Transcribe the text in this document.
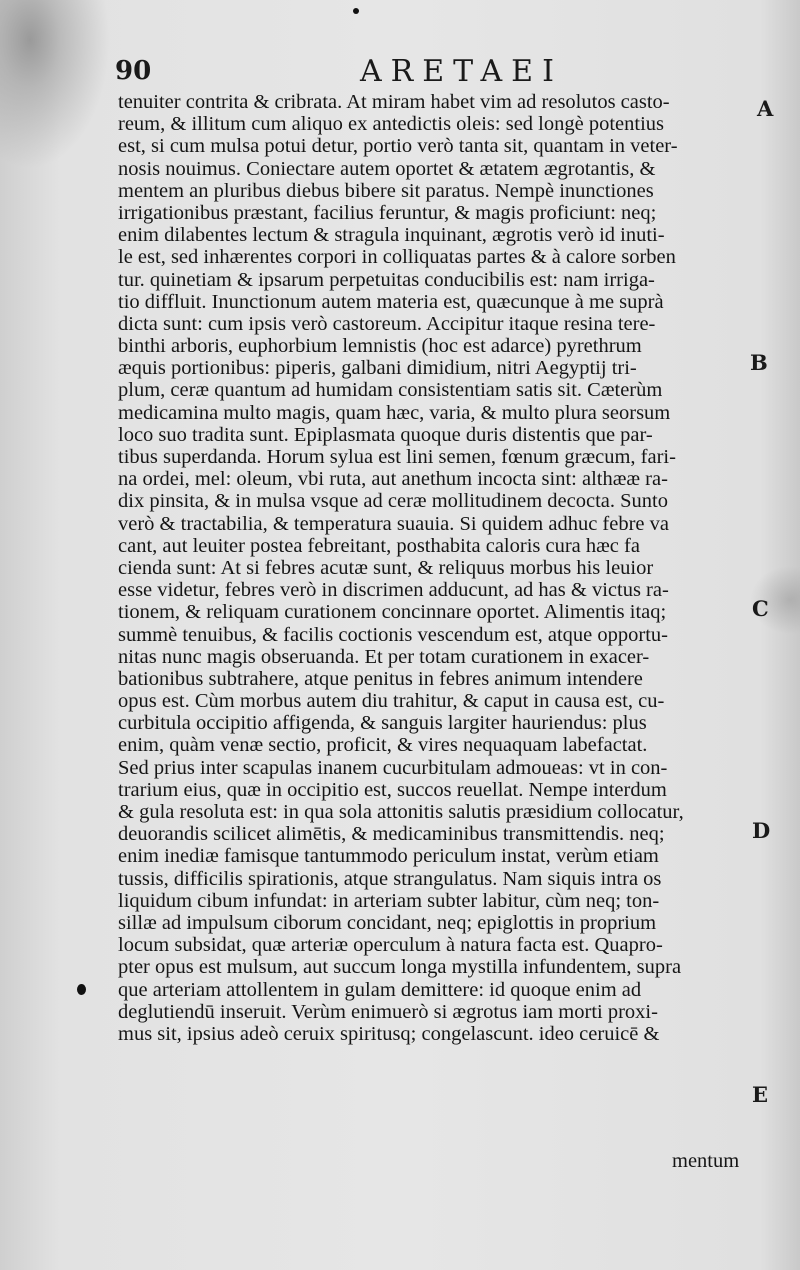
90	ARETAEI
tenuiter contrita & cribrata. At miram habet vim ad resolutos casto-
reum, & illitum cum aliquo ex antedictis oleis: sed longè potentius
est, si cum mulsa potui detur, portio verò tanta sit, quantam in veter-
nosis nouimus. Coniectare autem oportet & ætatem ægrotantis, &
mentem an pluribus diebus bibere sit paratus. Nempè inunctiones
irrigationibus præstant, facilius feruntur, & magis proficiunt: neq;
enim dilabentes lectum & stragula inquinant, ægrotis verò id inuti-
le est, sed inhærentes corpori in colliquatas partes & à calore sorben
tur. quinetiam & ipsarum perpetuitas conducibilis est: nam irriga-
tio diffluit. Inunctionum autem materia est, quæcunque à me suprà
dicta sunt: cum ipsis verò castoreum. Accipitur itaque resina tere-
binthi arboris, euphorbium lemnistis (hoc est adarce) pyrethrum
æquis portionibus: piperis, galbani dimidium, nitri Aegyptij tri-
plum, ceræ quantum ad humidam consistentiam satis sit. Cæterùm
medicamina multo magis, quam hæc, varia, & multo plura seorsum
loco suo tradita sunt. Epiplasmata quoque duris distentis que par-
tibus superdanda. Horum sylua est lini semen, fœnum græcum, fari-
na ordei, mel: oleum, vbi ruta, aut anethum incocta sint: althææ ra-
dix pinsita, & in mulsa vsque ad ceræ mollitudinem decocta. Sunto
verò & tractabilia, & temperatura suauia. Si quidem adhuc febre va
cant, aut leuiter postea febreitant, posthabita caloris cura hæc fa
cienda sunt: At si febres acutæ sunt, & reliquus morbus his leuior
esse videtur, febres verò in discrimen adducunt, ad has & victus ra-
tionem, & reliquam curationem concinnare oportet. Alimentis itaq;
summè tenuibus, & facilis coctionis vescendum est, atque opportu-
nitas nunc magis obseruanda. Et per totam curationem in exacer-
bationibus subtrahere, atque penitus in febres animum intendere
opus est. Cùm morbus autem diu trahitur, & caput in causa est, cu-
curbitula occipitio affigenda, & sanguis largiter hauriendus: plus
enim, quàm venæ sectio, proficit, & vires nequaquam labefactat.
Sed prius inter scapulas inanem cucurbitulam admoueas: vt in con-
trarium eius, quæ in occipitio est, succos reuellat. Nempe interdum
& gula resoluta est: in qua sola attonitis salutis præsidium collocatur,
deuorandis scilicet alimētis, & medicaminibus transmittendis. neq;
enim inediæ famisque tantummodo periculum instat, verùm etiam
tussis, difficilis spirationis, atque strangulatus. Nam siquis intra os
liquidum cibum infundat: in arteriam subter labitur, cùm neq; ton-
sillæ ad impulsum ciborum concidant, neq; epiglottis in proprium
locum subsidat, quæ arteriæ operculum à natura facta est. Quapro-
pter opus est mulsum, aut succum longa mystilla infundentem, supra
que arteriam attollentem in gulam demittere: id quoque enim ad
deglutiendū inseruit. Verùm enimuerò si ægrotus iam morti proxi-
mus sit, ipsius adeò ceruix spiritusq; congelascunt. ideo ceruicē &
A
B
C
D
E
mentum
